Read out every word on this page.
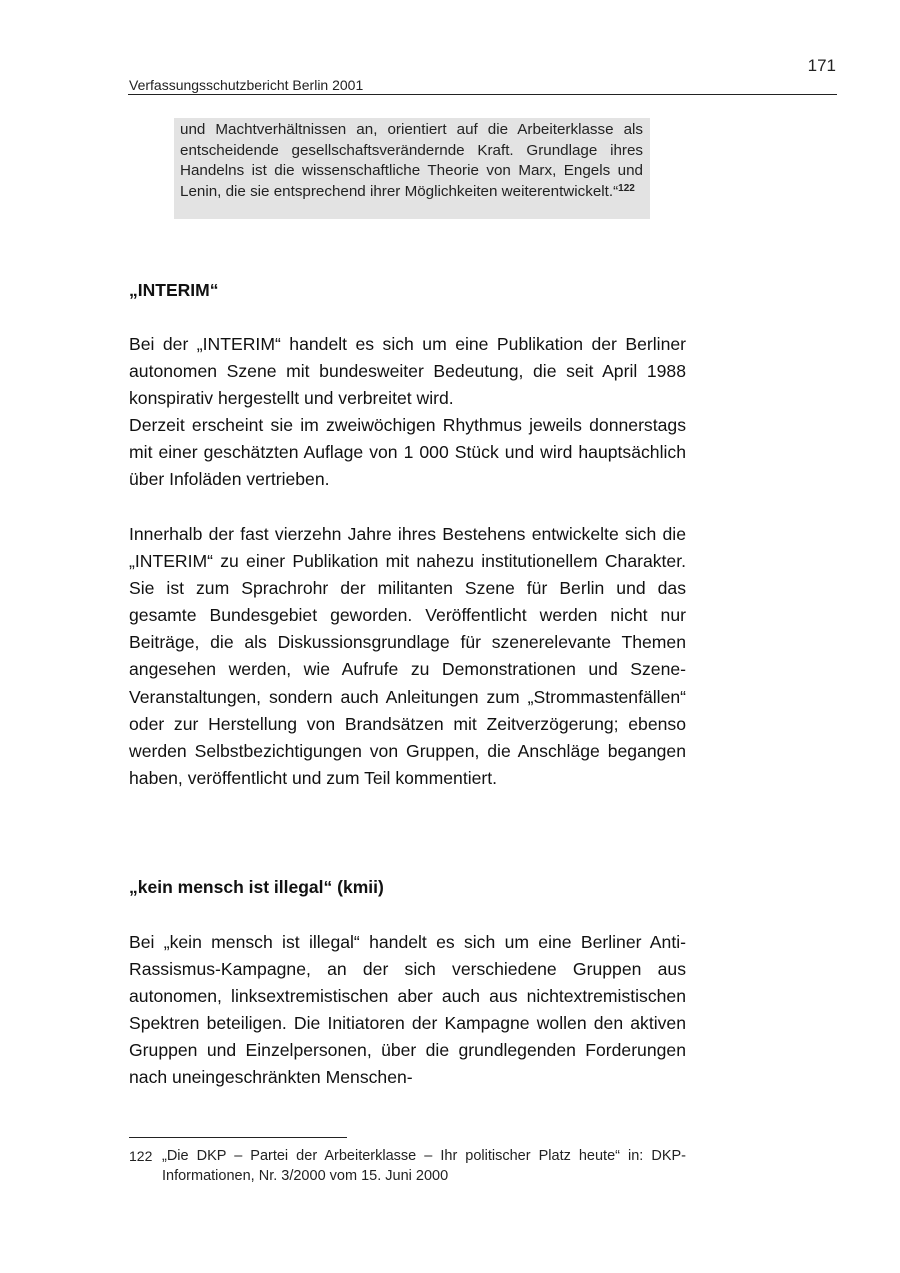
171
Verfassungsschutzbericht Berlin 2001
und Machtverhältnissen an, orientiert auf die Arbeiterklasse als entscheidende gesellschaftsverändernde Kraft. Grundlage ihres Handelns ist die wissenschaftliche Theorie von Marx, Engels und Lenin, die sie entsprechend ihrer Möglichkeiten weiterentwickelt.“$^{122}$
„INTERIM“

Bei der „INTERIM“ handelt es sich um eine Publikation der Berliner autonomen Szene mit bundesweiter Bedeutung, die seit April 1988 konspirativ hergestellt und verbreitet wird.

Derzeit erscheint sie im zweiwöchigen Rhythmus jeweils donnerstags mit einer geschätzten Auflage von 1 000 Stück und wird hauptsächlich über Infoläden vertrieben.

Innerhalb der fast vierzehn Jahre ihres Bestehens entwickelte sich die „INTERIM“ zu einer Publikation mit nahezu institutionellem Charakter. Sie ist zum Sprachrohr der militanten Szene für Berlin und das gesamte Bundesgebiet geworden. Veröffentlicht werden nicht nur Beiträge, die als Diskussionsgrundlage für szenerelevante Themen angesehen werden, wie Aufrufe zu Demonstrationen und Szene-Veranstaltungen, sondern auch Anleitungen zum „Strommastenfällen“ oder zur Herstellung von Brandsätzen mit Zeitverzögerung; ebenso werden Selbstbezichtigungen von Gruppen, die Anschläge begangen haben, veröffentlicht und zum Teil kommentiert.
„kein mensch ist illegal“ (kmii)
Bei „kein mensch ist illegal“ handelt es sich um eine Berliner Anti-Rassismus-Kampagne, an der sich verschiedene Gruppen aus autonomen, linksextremistischen aber auch aus nichtextremistischen Spektren beteiligen. Die Initiatoren der Kampagne wollen den aktiven Gruppen und Einzelpersonen, über die grundlegenden Forderungen nach uneingeschränkten Menschen-
122 „Die DKP – Partei der Arbeiterklasse – Ihr politischer Platz heute“ in: DKP-Informationen, Nr. 3/2000 vom 15. Juni 2000
